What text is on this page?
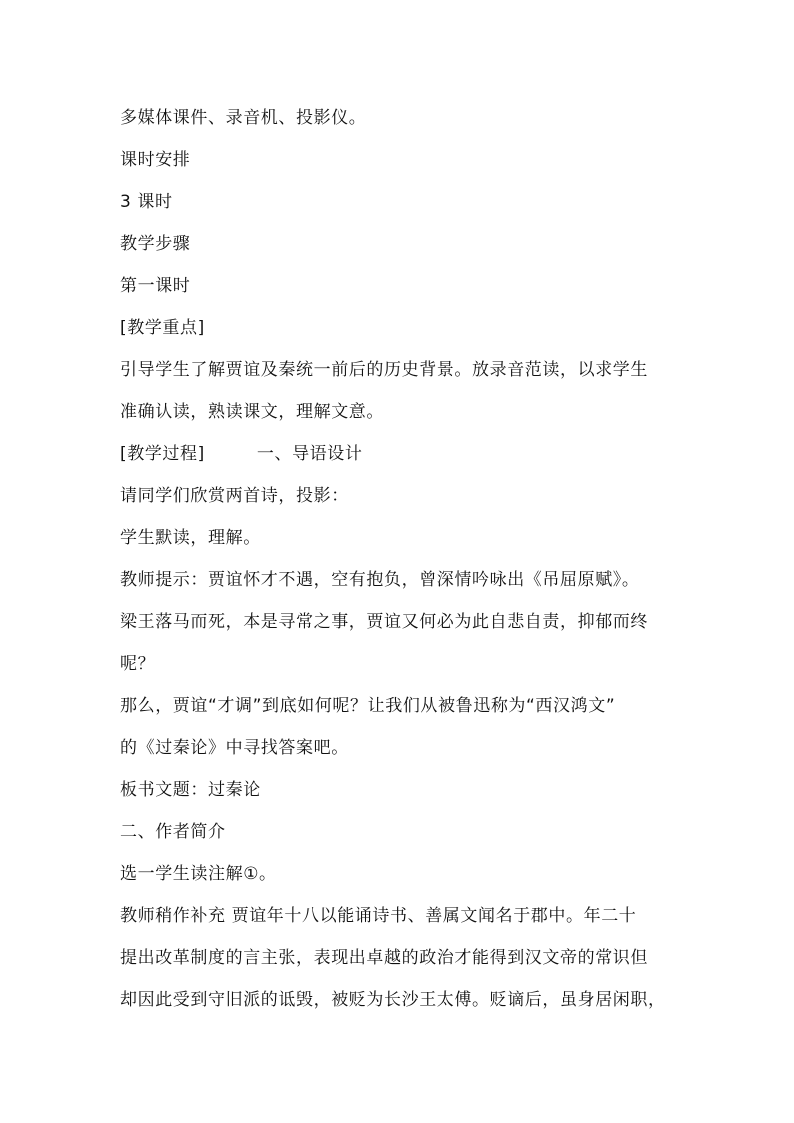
多媒体课件、录音机、投影仪。
课时安排
3 课时
教学步骤
第一课时
[教学重点]
引导学生了解贾谊及秦统一前后的历史背景。放录音范读，以求学生
准确认读，熟读课文，理解文意。
[教学过程]	一、导语设计
请同学们欣赏两首诗，投影：
学生默读，理解。
教师提示：贾谊怀才不遇，空有抱负，曾深情吟咏出《吊屈原赋》。
梁王落马而死，本是寻常之事，贾谊又何必为此自悲自责，抑郁而终
呢？
那么，贾谊“才调”到底如何呢？让我们从被鲁迅称为“西汉鸿文”
的《过秦论》中寻找答案吧。
板书文题：过秦论
二、作者简介
选一学生读注解①。
教师稍作补充 贾谊年十八以能诵诗书、善属文闻名于郡中。年二十
提出改革制度的言主张，表现出卓越的政治才能得到汉文帝的常识但
却因此受到守旧派的诋毁，被贬为长沙王太傅。贬谪后，虽身居闲职，
